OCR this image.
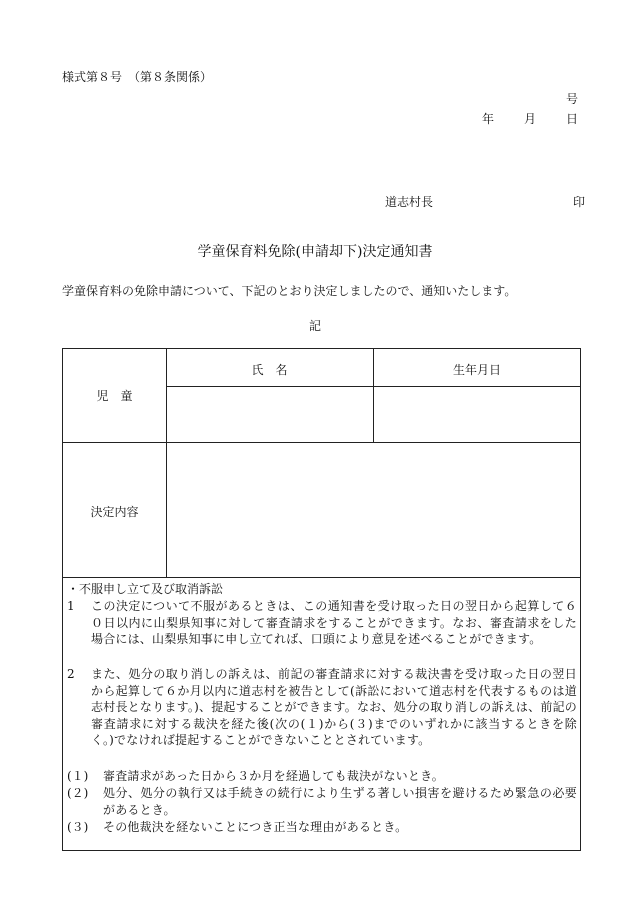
様式第８号　（第８条関係）
号
年	月	日
道志村長	印
学童保育料免除(申請却下)決定通知書
学童保育料の免除申請について、下記のとおり決定しましたので、通知いたします。
記
児　童
氏　名	生年月日
決定内容
・不服申し立て及び取消訴訟
1 この決定について不服があるときは、この通知書を受け取った日の翌日から起算して６０日以内に山梨県知事に対して審査請求をすることができます。なお、審査請求をした場合には、山梨県知事に申し立てれば、口頭により意見を述べることができます。
2 また、処分の取り消しの訴えは、前記の審査請求に対する裁決書を受け取った日の翌日から起算して６か月以内に道志村を被告として(訴訟において道志村を代表するものは道志村長となります。)、提起することができます。なお、処分の取り消しの訴えは、前記の審査請求に対する裁決を経た後(次の(１)から(３)までのいずれかに該当するときを除く。)でなければ提起することができないこととされています。
(１) 審査請求があった日から３か月を経過しても裁決がないとき。
(２) 処分、処分の執行又は手続きの続行により生ずる著しい損害を避けるため緊急の必要があるとき。
(３) その他裁決を経ないことにつき正当な理由があるとき。
